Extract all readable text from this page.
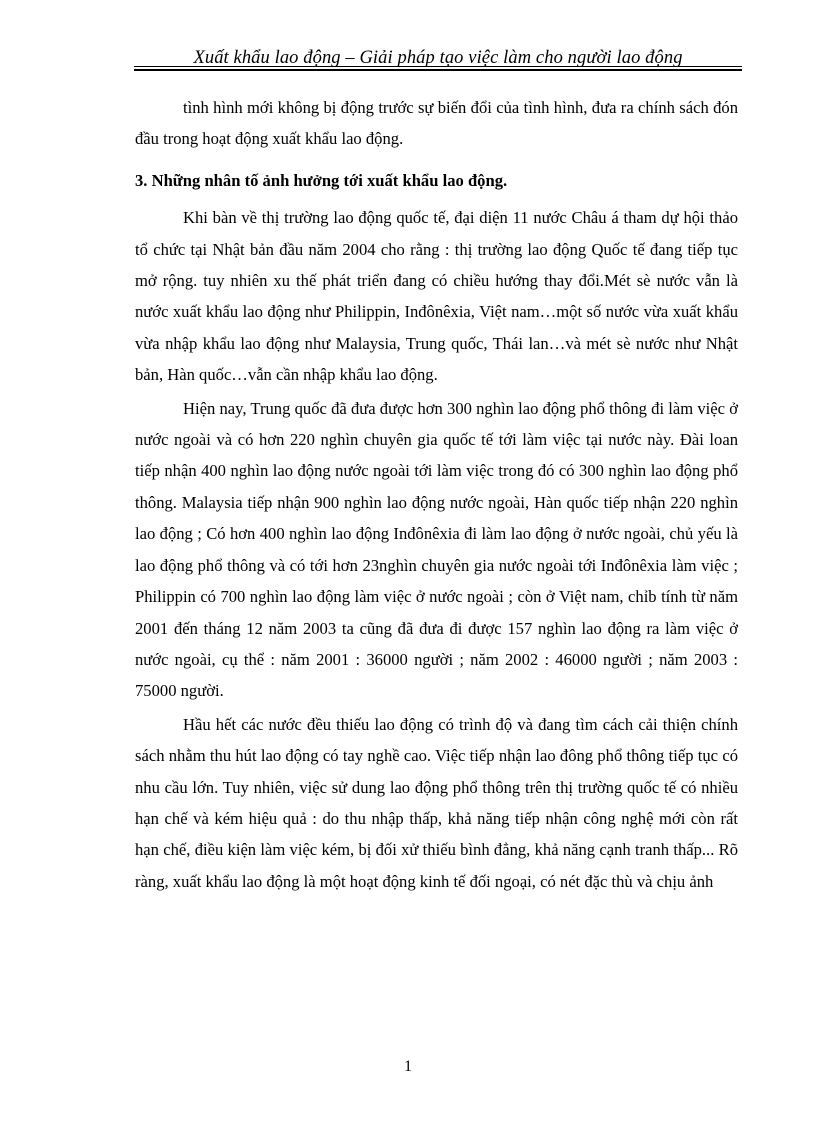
Xuất khẩu lao động – Giải pháp tạo việc làm cho người lao động

tình hình mới không bị động trước sự biến đổi của tình hình, đưa ra chính sách đón đầu trong hoạt động xuất khẩu lao động.

3. Những nhân tố ảnh hưởng tới xuất khẩu lao động.

Khi bàn về thị trường lao động quốc tế, đại diện 11 nước Châu á tham dự hội thảo tổ chức tại Nhật bản đầu năm 2004 cho rằng : thị trường lao động Quốc tế đang tiếp tục mở rộng. tuy nhiên xu thế phát triển đang có chiều hướng thay đổi.Mét sè nước vẫn là nước xuất khẩu lao động như Philippin, Inđônêxia, Việt nam…một số nước vừa xuất khẩu vừa nhập khẩu lao động như Malaysia, Trung quốc, Thái lan…và mét sè nước như Nhật bản, Hàn quốc…vẫn cần nhập khẩu lao động.

Hiện nay, Trung quốc đã đưa được hơn 300 nghìn lao động phổ thông đi làm việc ở nước ngoài và có hơn 220 nghìn chuyên gia quốc tế tới làm việc tại nước này. Đài loan tiếp nhận 400 nghìn lao động nước ngoài tới làm việc trong đó có 300 nghìn lao động phổ thông. Malaysia tiếp nhận 900 nghìn lao động nước ngoài, Hàn quốc tiếp nhận 220 nghìn lao động ; Có hơn 400 nghìn lao động Inđônêxia đi làm lao động ở nước ngoài, chủ yếu là lao động phổ thông và có tới hơn 23nghìn chuyên gia nước ngoài tới Inđônêxia làm việc ; Philippin có 700 nghìn lao động làm việc ở nước ngoài ; còn ở Việt nam, chỉb tính từ năm 2001 đến tháng 12 năm 2003 ta cũng đã đưa đi được 157 nghìn lao động ra làm việc ở nước ngoài, cụ thể : năm 2001 : 36000 người ; năm 2002 : 46000 người ; năm 2003 : 75000 người.

Hầu hết các nước đều thiếu lao động có trình độ và đang tìm cách cải thiện chính sách nhằm thu hút lao động có tay nghề cao. Việc tiếp nhận lao đông phổ thông tiếp tục có nhu cầu lớn. Tuy nhiên, việc sử dung lao động phổ thông trên thị trường quốc tế có nhiều hạn chế và kém hiệu quả : do thu nhập thấp, khả năng tiếp nhận công nghệ mới còn rất hạn chế, điều kiện làm việc kém, bị đối xử thiếu bình đẳng, khả năng cạnh tranh thấp... Rõ ràng, xuất khẩu lao động là một hoạt động kinh tế đối ngoại, có nét đặc thù và chịu ảnh

1
